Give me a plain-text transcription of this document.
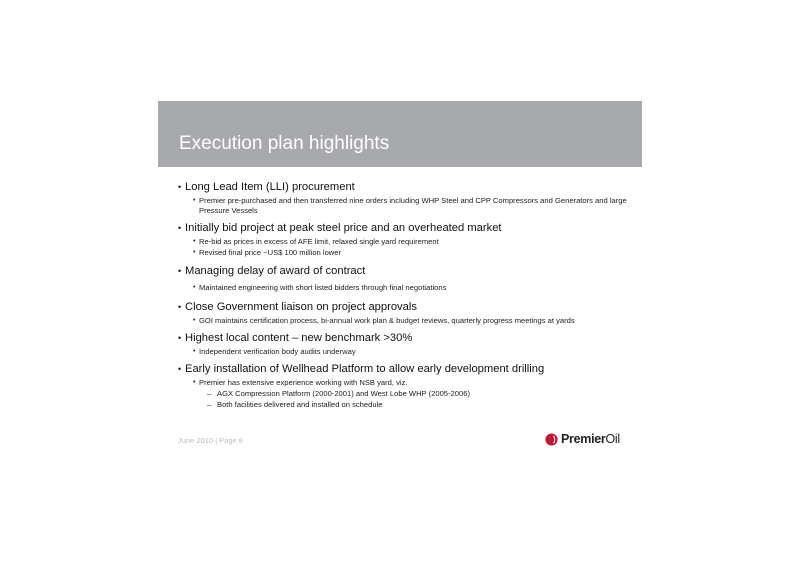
Execution plan highlights
• Long Lead Item (LLI) procurement
• Premier pre-purchased and then transferred nine orders including WHP Steel and CPP Compressors and Generators and large Pressure Vessels
• Initially bid project at peak steel price and an overheated market
• Re-bid as prices in excess of AFE limit, relaxed single yard requirement
• Revised final price ~US$ 100 million lower
• Managing delay of award of contract
• Maintained engineering with short listed bidders through final negotiations
• Close Government liaison on project approvals
• GOI maintains certification process, bi-annual work plan & budget reviews, quarterly progress meetings at yards
• Highest local content – new benchmark >30%
• Independent verification body audits underway
• Early installation of Wellhead Platform to allow early development drilling
• Premier has extensive experience working with NSB yard, viz.
– AGX Compression Platform (2000-2001) and West Lobe WHP (2005-2006)
– Both facilities delivered and installed on schedule
June 2010 | Page 8	PremierOil
